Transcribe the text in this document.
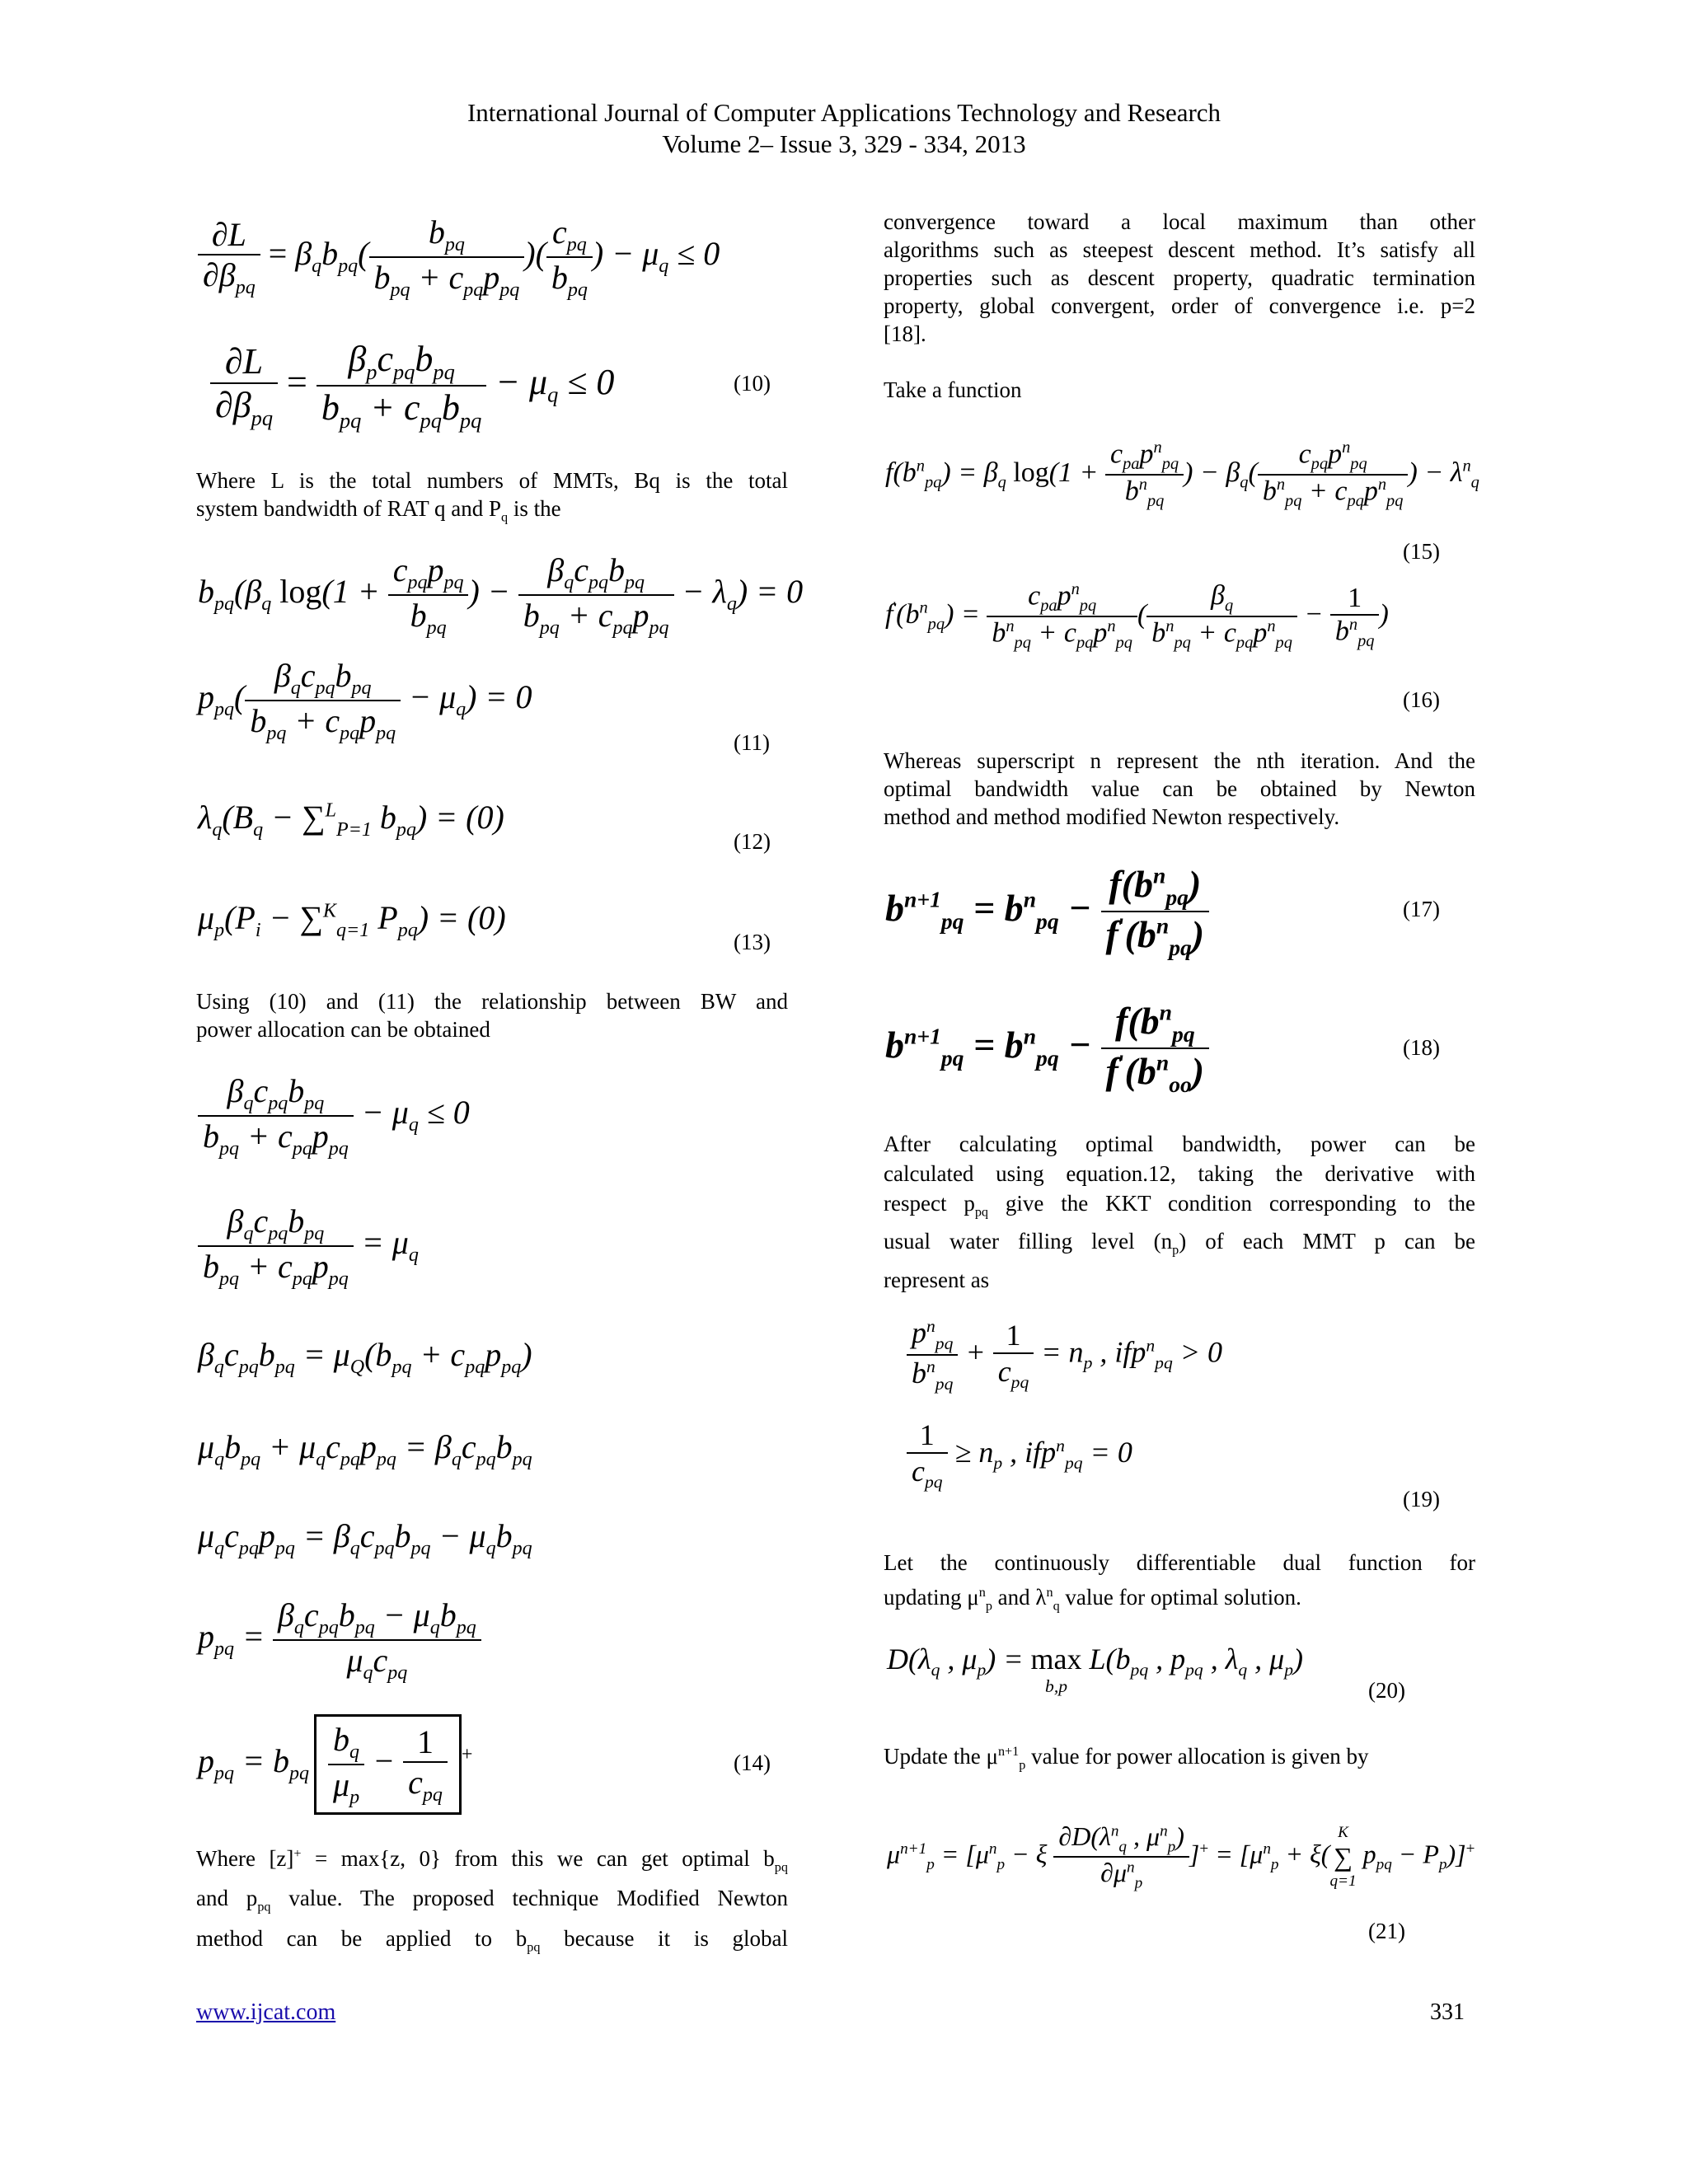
International Journal of Computer Applications Technology and Research
Volume 2– Issue 3, 329 - 334, 2013
$\frac{\partial L}{\partial\beta_{pq}} = \beta_qb_{pq}( \frac{b_{pq}}{b_{pq} + c_{pq}p_{pq}}$ )( $\frac{c_{pq}}{b_{pq}}$ ) − $\mu_q \le 0$
$\frac{\partial L}{\partial\beta_{pq}} = \frac{\beta_pc_{pq}b_{pq}}{b_{pq} + c_{pq}b_{pq}} - \mu_q \le 0$	(10)
Where L is the total numbers of MMTs, Bq is the total
system bandwidth of RAT q and $P_q$ is the
$b_{pq}(\beta_q$ $\log(1 + \frac{c_{pq}p_{pq}}{b_{pq}}$ ) − $\frac{\beta_qc_{pq}b_{pq}}{b_{pq} + c_{pq}p_{pq}} - \lambda_q) = 0$
$p_{pq}( \frac{\beta_qc_{pq}b_{pq}}{b_{pq} + c_{pq}p_{pq}} - \mu_q) = 0$
(11)
$\lambda_q(B_q - \sum^L_{P=1}$ $b_{pq}) = (0)$
(12)
$\mu_p(P_i - \sum^K_{q=1}$ $P_{pq}) = (0)$
(13)
Using (10) and (11) the relationship between BW and
power allocation can be obtained
$\frac{\beta_qc_{pq}b_{pq}}{b_{pq} + c_{pq}p_{pq}} - \mu_q \le 0$
$\frac{\beta_qc_{pq}b_{pq}}{b_{pq} + c_{pq}p_{pq}} = \mu_q$
$\beta_qc_{pq}b_{pq} = \mu_Q(b_{pq} + c_{pq}p_{pq})$
$\mu_qb_{pq} + \mu_qc_{pq}p_{pq} = \beta_qc_{pq}b_{pq}$
$\mu_qc_{pq}p_{pq} = \beta_qc_{pq}b_{pq} - \mu_qb_{pq}$
$p_{pq} = \frac{\beta_qc_{pq}b_{pq} - \mu_qb_{pq}}{\mu_qc_{pq}}$
$p_{pq} = b_{pq} \frac{b_q}{\mu_p} - \frac{1}{c_{pq}} ^+$	(14)
Where [z]+ = max{z, 0} from this we can get optimal $b_{pq}$
and $p_{pq}$ value. The proposed technique Modified Newton
method can be applied to $b_{pq}$ because it is global
convergence toward a local maximum than other
algorithms such as steepest descent method. It’s satisfy all
properties such as descent property, quadratic termination
property, global convergent, order of convergence i.e. p=2
[18].
Take a function
$f(b^n_{pq}) = \beta_q$ $\log(1 + \frac{c_{pa}p^n_{pq}}{b^n_{pq}}$ ) − $\beta_q( \frac{c_{pq}p^n_{pq}}{b^n_{pq} + c_{pq}p^n_{pq}}$ ) − $\lambda^n_q$
(15)
$f'(b^n_{pq}) = \frac{c_{pa}p^n_{pq}}{b^n_{pq} + c_{pq}p^n_{pq}}$ ( $\frac{\beta_q}{b^n_{pq} + c_{pq}p^n_{pq}} - \frac{1}{b^n_{pq}}$ )
(16)
Whereas superscript n represent the nth iteration. And the
optimal bandwidth value can be obtained by Newton
method and method modified Newton respectively.
$b^{n+1}_{pq} = b^n_{pq} - \frac{f(b^n_{pq})}{f'(b^n_{pq})}$	(17)
$b^{n+1}_{pq} = b^n_{pq} - \frac{f(b^n_{pq}}{f'(b^n_{oo})}$	(18)
After calculating optimal bandwidth, power can be
calculated using equation.12, taking the derivative with
respect $p_{pq}$ give the KKT condition corresponding to the
usual water filling level $(n_p)$ of each MMT p can be
represent as
$\frac{p^n_{pq}}{b^n_{pq}} + \frac{1}{c_{pq}} = n_p$ , ifp$^n_{pq}$ > 0
$\frac{1}{c_{pq}} \ge n_p$ , ifp$^n_{pq}$ = 0
(19)
Let the continuously differentiable dual function for
updating $\mu^n_p$ and $\lambda^n_q$ value for optimal solution.
$D(\lambda_q$ , $\mu_p) = \max$
b,p
$L(b_{pq}$ , $p_{pq}$ , $\lambda_q$ , $\mu_p$)
(20)
Update the $\mu^{n+1}_p$ value for power allocation is given by
$\mu^{n+1}_p = [\mu^n_p - \xi \frac{\partial D(\lambda^n_q , \mu^n_p)}{\partial\mu^n_p} ]^+ = [\mu^n_p + \xi$(
K
∑
q=1
$p_{pq} - P_p)]^+$
(21)
www.ijcat.com	331
